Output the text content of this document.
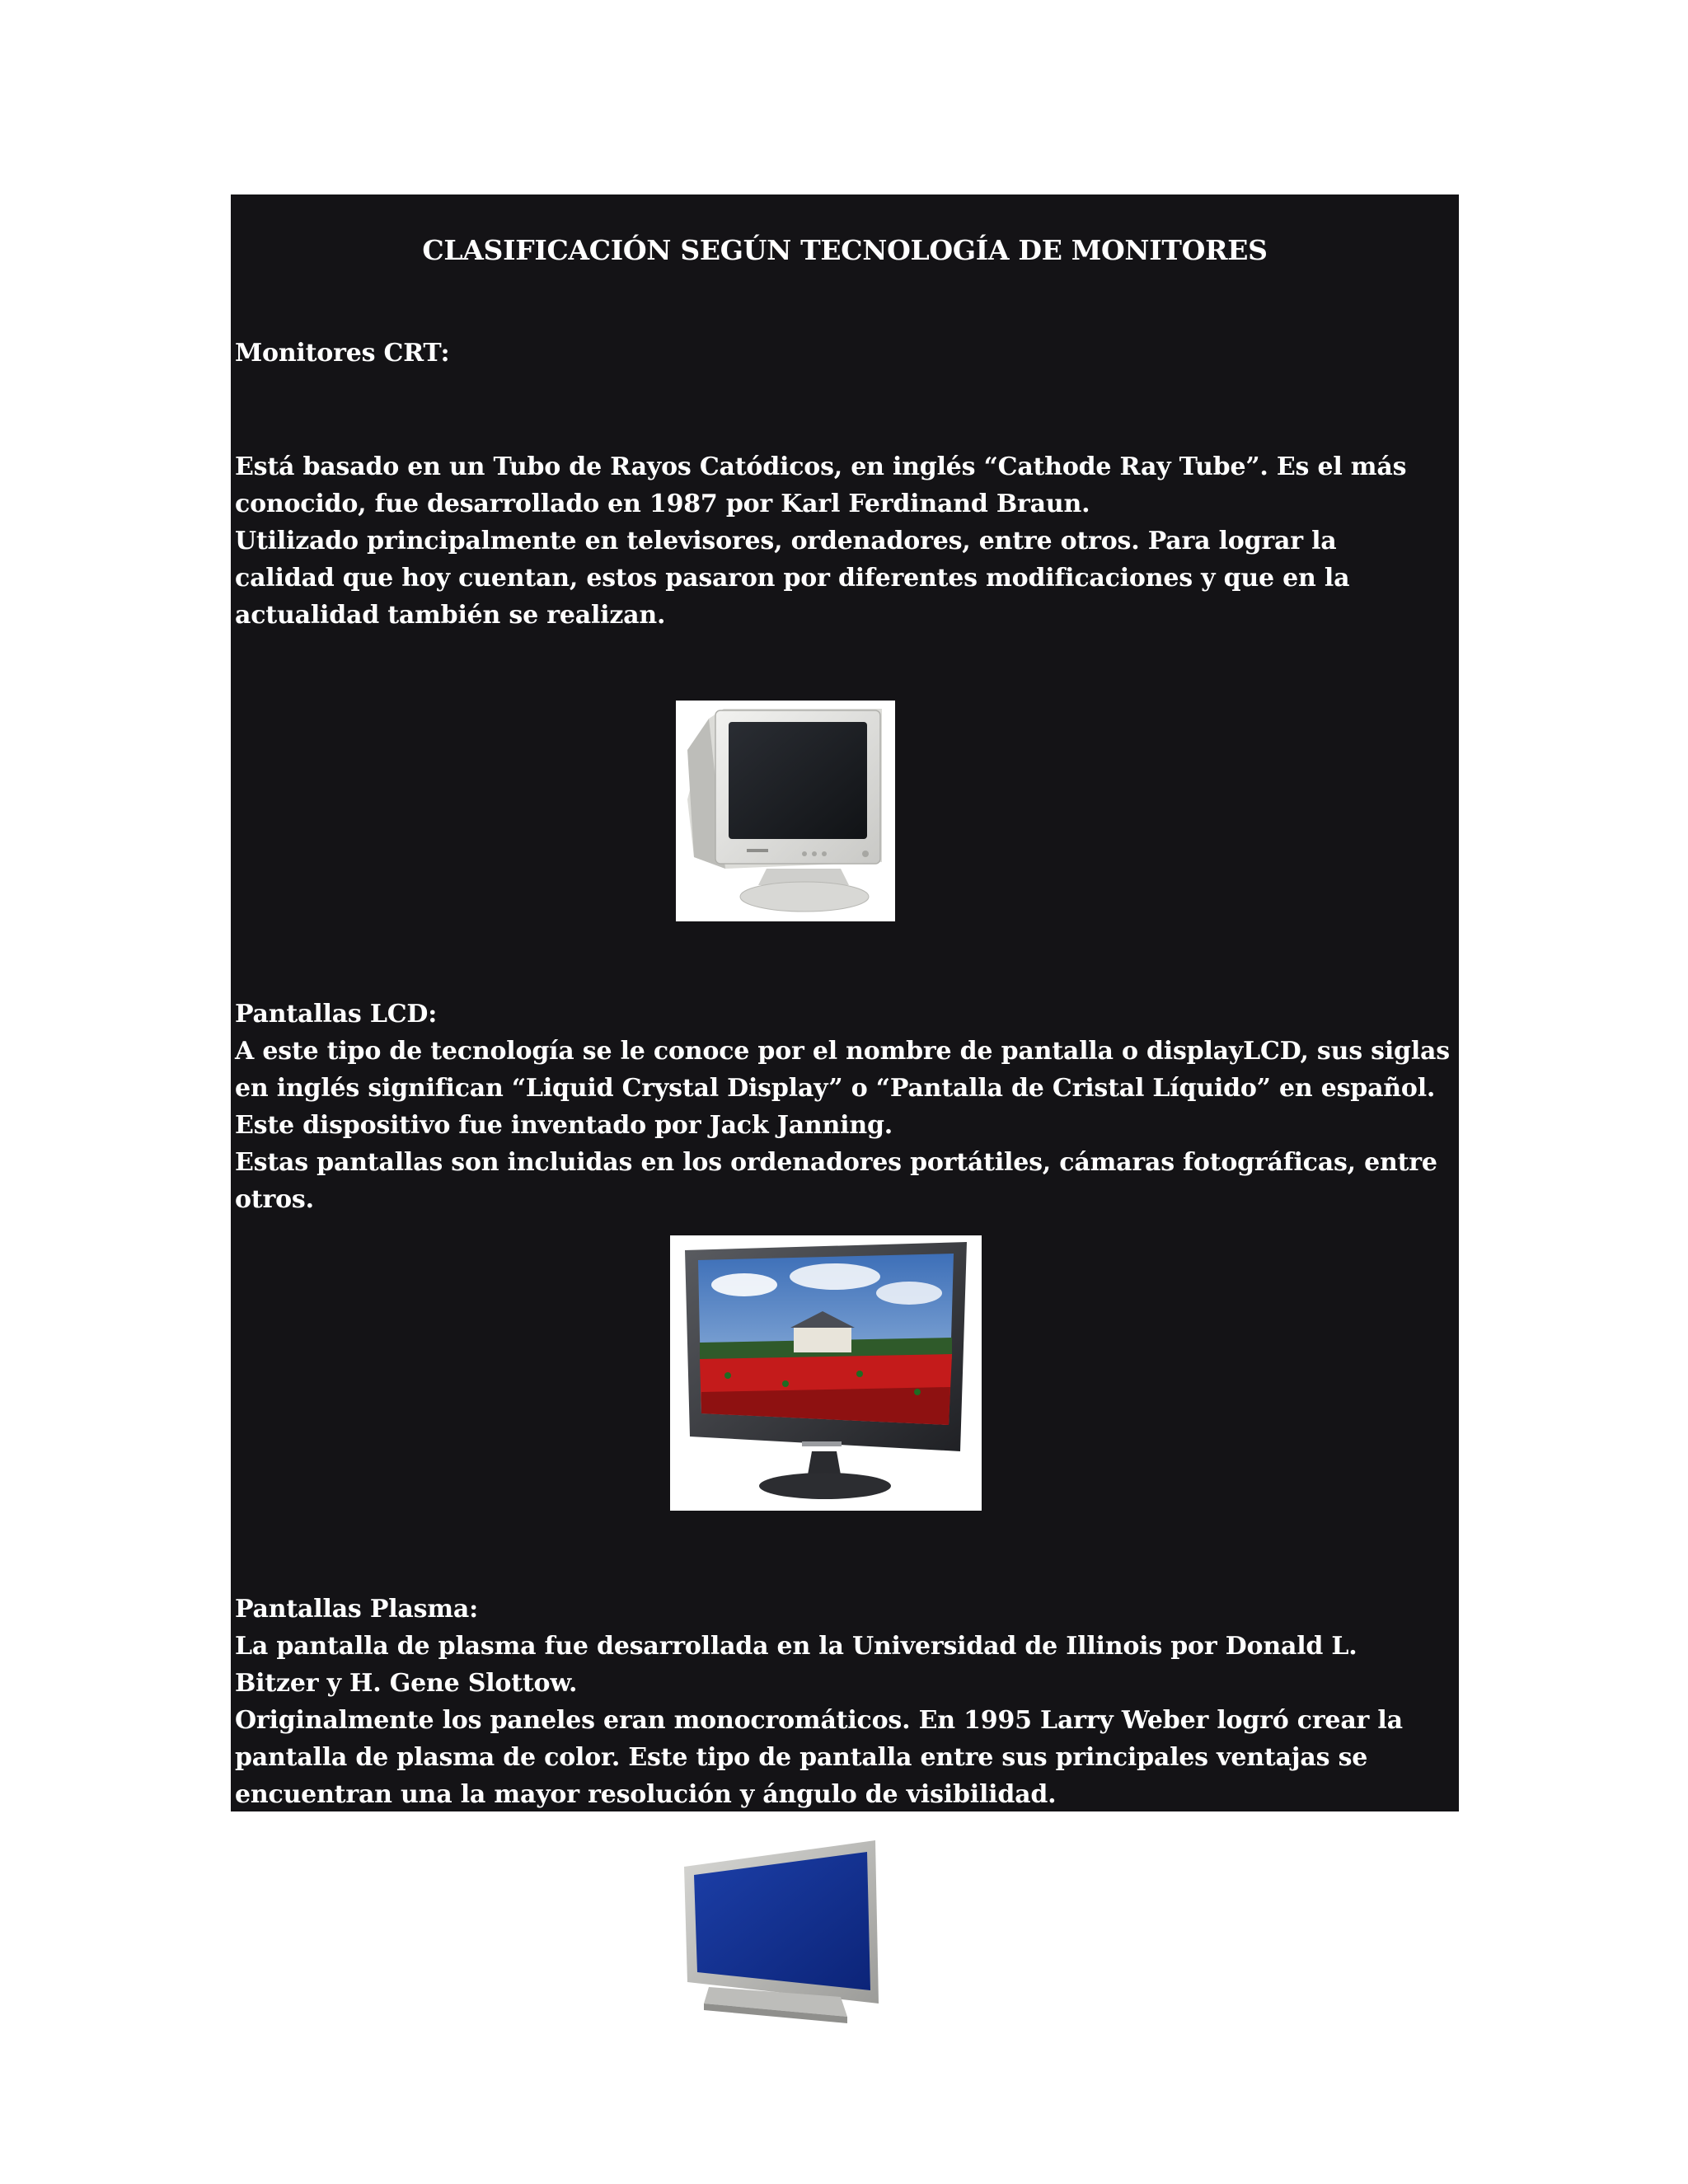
CLASIFICACIÓN SEGÚN TECNOLOGÍA DE MONITORES
Monitores CRT:
Está basado en un Tubo de Rayos Catódicos, en inglés “Cathode Ray Tube”. Es el más
conocido, fue desarrollado en 1987 por Karl Ferdinand Braun.
Utilizado principalmente en televisores, ordenadores, entre otros. Para lograr la
calidad que hoy cuentan, estos pasaron por diferentes modificaciones y que en la
actualidad también se realizan.
Pantallas LCD:
A este tipo de tecnología se le conoce por el nombre de pantalla o displayLCD, sus siglas
en inglés significan “Liquid Crystal Display” o “Pantalla de Cristal Líquido” en español.
Este dispositivo fue inventado por Jack Janning.
Estas pantallas son incluidas en los ordenadores portátiles, cámaras fotográficas, entre
otros.
Pantallas Plasma:
La pantalla de plasma fue desarrollada en la Universidad de Illinois por Donald L.
Bitzer y H. Gene Slottow.
Originalmente los paneles eran monocromáticos. En 1995 Larry Weber logró crear la
pantalla de plasma de color. Este tipo de pantalla entre sus principales ventajas se
encuentran una la mayor resolución y ángulo de visibilidad.
